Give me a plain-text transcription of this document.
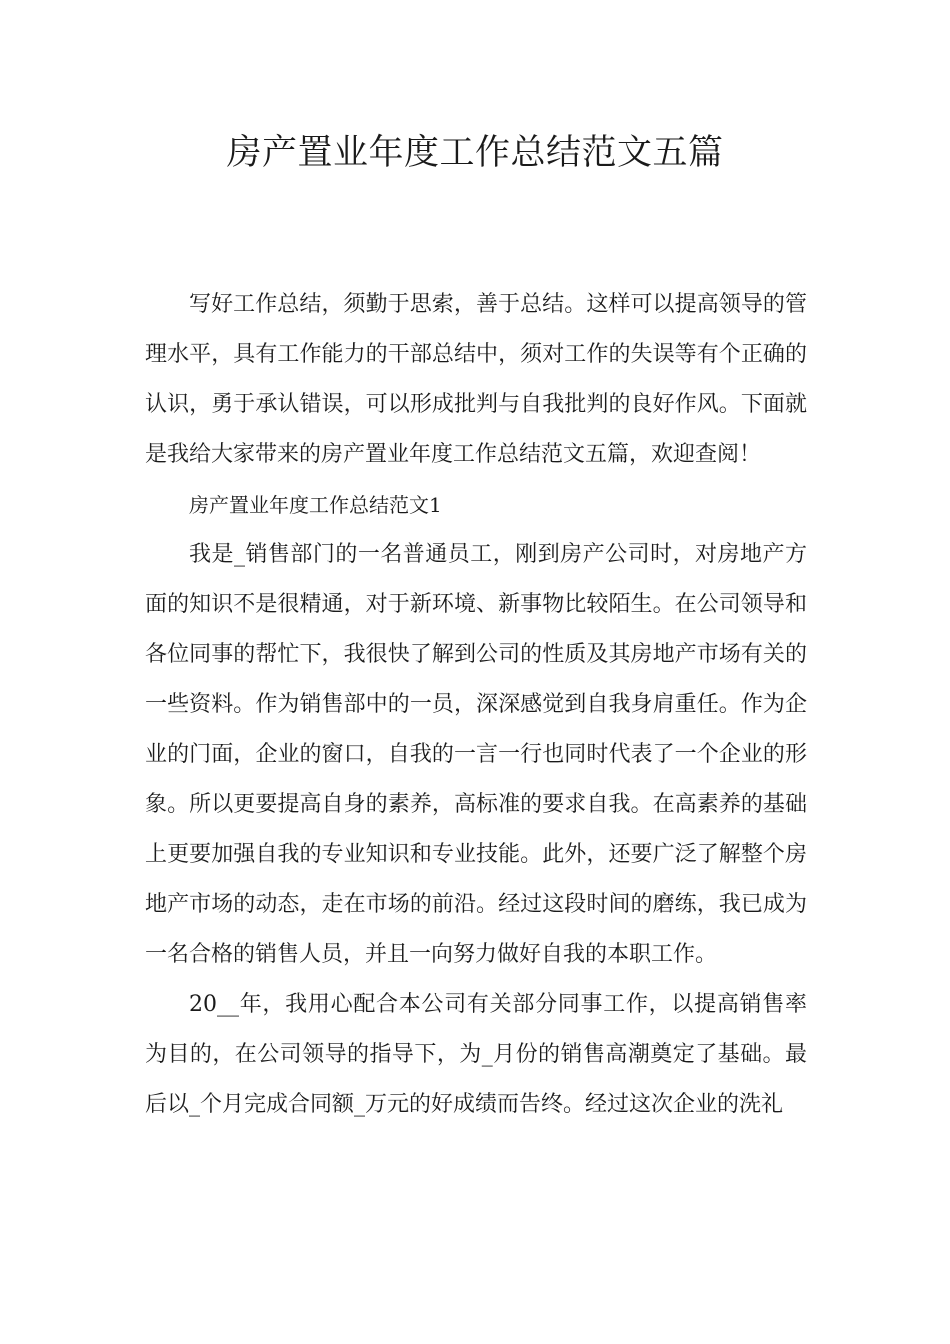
房产置业年度工作总结范文五篇

写好工作总结，须勤于思索，善于总结。这样可以提高领导的管理水平，具有工作能力的干部总结中，须对工作的失误等有个正确的认识，勇于承认错误，可以形成批判与自我批判的良好作风。下面就是我给大家带来的房产置业年度工作总结范文五篇，欢迎查阅！

房产置业年度工作总结范文1

我是_销售部门的一名普通员工，刚到房产公司时，对房地产方面的知识不是很精通，对于新环境、新事物比较陌生。在公司领导和各位同事的帮忙下，我很快了解到公司的性质及其房地产市场有关的一些资料。作为销售部中的一员，深深感觉到自我身肩重任。作为企业的门面，企业的窗口，自我的一言一行也同时代表了一个企业的形象。所以更要提高自身的素养，高标准的要求自我。在高素养的基础上更要加强自我的专业知识和专业技能。此外，还要广泛了解整个房地产市场的动态，走在市场的前沿。经过这段时间的磨练，我已成为一名合格的销售人员，并且一向努力做好自我的本职工作。

20__年，我用心配合本公司有关部分同事工作，以提高销售率为目的，在公司领导的指导下，为_月份的销售高潮奠定了基础。最后以_个月完成合同额_万元的好成绩而告终。经过这次企业的洗礼
